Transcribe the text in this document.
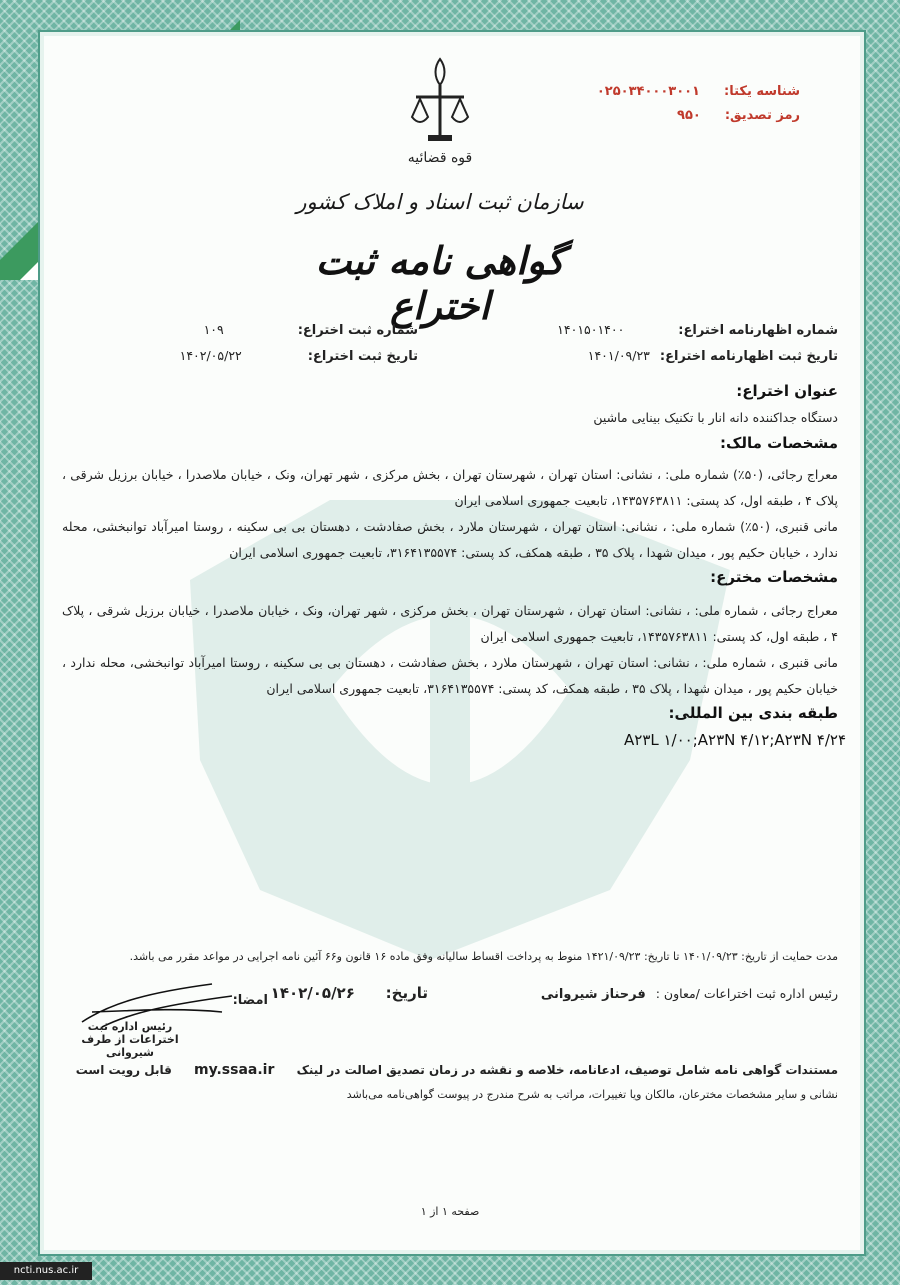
قوه قضائیه
سازمان ثبت اسناد و املاک کشور
گواهی نامه ثبت اختراع
شناسه یکتا:۰۲۵۰۳۴۰۰۰۳۰۰۱
رمز تصدیق:۹۵۰
شماره اظهارنامه اختراع: ۱۴۰۱۵۰۱۴۰۰
شماره ثبت اختراع: ۱۰۹
تاریخ ثبت اظهارنامه اختراع: ۱۴۰۱/۰۹/۲۳
تاریخ ثبت اختراع: ۱۴۰۲/۰۵/۲۲
عنوان اختراع:
دستگاه جداکننده دانه انار با تکنیک بینایی ماشین
مشخصات مالک:
معراج رجائی، (۵۰٪) شماره ملی: ، نشانی: استان تهران ، شهرستان تهران ، بخش مرکزی ، شهر تهران، ونک ، خیابان ملاصدرا ، خیابان برزیل شرقی ، پلاک ۴ ، طبقه اول، کد پستی: ۱۴۳۵۷۶۳۸۱۱، تابعیت جمهوری اسلامی ایران
مانی قنبری، (۵۰٪) شماره ملی: ، نشانی: استان تهران ، شهرستان ملارد ، بخش صفادشت ، دهستان بی بی سکینه ، روستا امیرآباد توانبخشی، محله ندارد ، خیابان حکیم پور ، میدان شهدا ، پلاک ۳۵ ، طبقه همکف، کد پستی: ۳۱۶۴۱۳۵۵۷۴، تابعیت جمهوری اسلامی ایران
مشخصات مخترع:
معراج رجائی ، شماره ملی: ، نشانی: استان تهران ، شهرستان تهران ، بخش مرکزی ، شهر تهران، ونک ، خیابان ملاصدرا ، خیابان برزیل شرقی ، پلاک ۴ ، طبقه اول، کد پستی: ۱۴۳۵۷۶۳۸۱۱، تابعیت جمهوری اسلامی ایران
مانی قنبری ، شماره ملی: ، نشانی: استان تهران ، شهرستان ملارد ، بخش صفادشت ، دهستان بی بی سکینه ، روستا امیرآباد توانبخشی، محله ندارد ، خیابان حکیم پور ، میدان شهدا ، پلاک ۳۵ ، طبقه همکف، کد پستی: ۳۱۶۴۱۳۵۵۷۴، تابعیت جمهوری اسلامی ایران
طبقه بندی بین المللی:
A۲۳L ۱/۰۰;A۲۳N ۴/۱۲;A۲۳N ۴/۲۴
مدت حمایت از تاریخ: ۱۴۰۱/۰۹/۲۳ تا تاریخ: ۱۴۲۱/۰۹/۲۳ منوط به پرداخت اقساط سالیانه وفق ماده ۱۶ قانون و۶۶ آئین نامه اجرایی در مواعد مقرر می باشد.
رئیس اداره ثبت اختراعات /معاون : فرحناز شیروانی
تاریخ: ۱۴۰۲/۰۵/۲۶
امضا:
رئیس اداره ثبت اختراعات از طرف شیروانی
مستندات گواهی نامه شامل توصیف، ادعانامه، خلاصه و نقشه در زمان تصدیق اصالت در لینک my.ssaa.ir قابل رویت است
نشانی و سایر مشخصات مخترعان، مالکان ویا تغییرات، مراتب به شرح مندرج در پیوست گواهی‌نامه می‌باشد
صفحه ۱ از ۱
ncti.nus.ac.ir
